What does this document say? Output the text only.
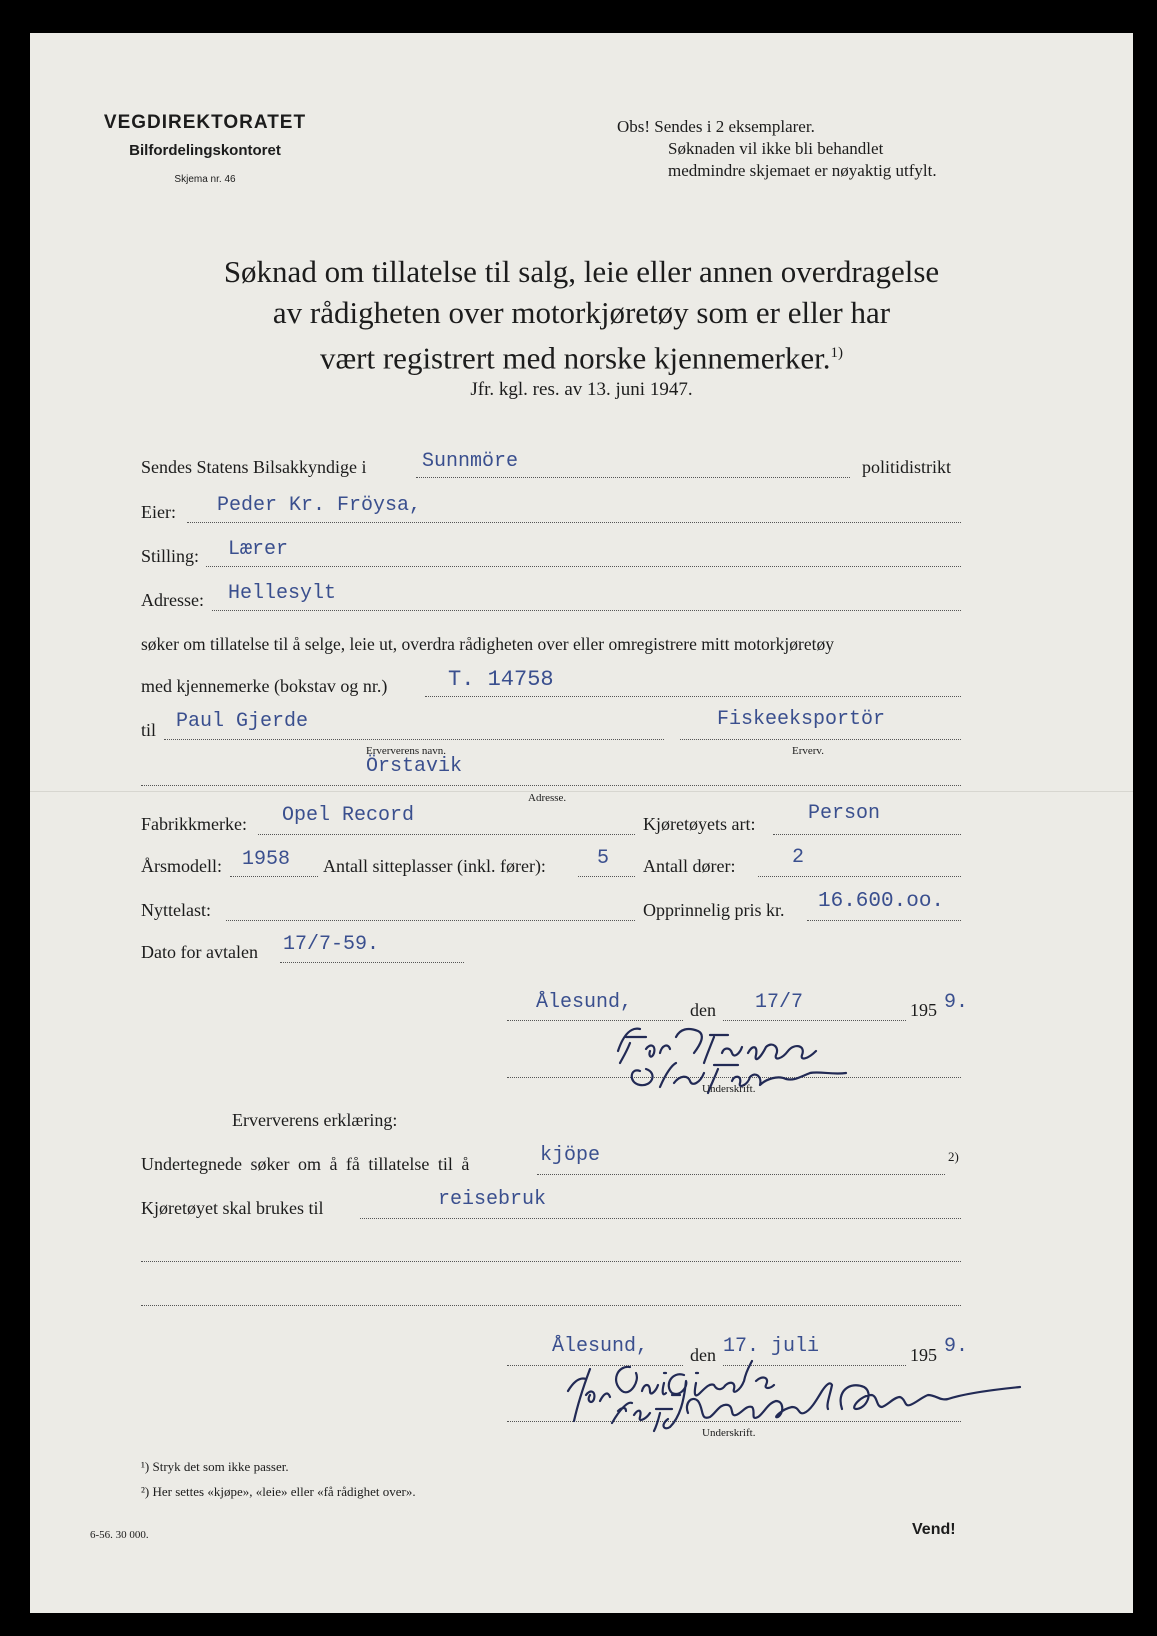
VEGDIREKTORATET
Bilfordelingskontoret
Skjema nr. 46
Obs! Sendes i 2 eksemplarer.
Søknaden vil ikke bli behandlet
medmindre skjemaet er nøyaktig utfylt.
Søknad om tillatelse til salg, leie eller annen overdragelse
av rådigheten over motorkjøretøy som er eller har
vært registrert med norske kjennemerker.$^{1)}$
Jfr. kgl. res. av 13. juni 1947.
Sendes Statens Bilsakkyndige i	Sunnmöre	politidistrikt
Eier: Peder Kr. Fröysa,
Stilling: Lærer
Adresse: Hellesylt
søker om tillatelse til å selge, leie ut, overdra rådigheten over eller omregistrere mitt motorkjøretøy
med kjennemerke (bokstav og nr.)	T. 14758
til Paul Gjerde
Erververens navn.
Fiskeeksportör
Erverv.
Örstavik
Adresse.
Fabrikkmerke: Opel Record	Kjøretøyets art:	Person
Årsmodell: 1958 Antall sitteplasser (inkl. fører):	5 Antall dører:	2
Nyttelast:	Opprinnelig pris kr. 16.600.oo.
Dato for avtalen 17/7-59.
Ålesund,	den 17/7	195 9.
Underskrift.
Erververens erklæring:
Undertegnede søker om å få tillatelse til å	kjöpe	2)
Kjøretøyet skal brukes til	reisebruk
Ålesund, den 17. juli	195 9.
Underskrift.
¹) Stryk det som ikke passer.
²) Her settes «kjøpe», «leie» eller «få rådighet over».
6-56. 30 000.	Vend!
